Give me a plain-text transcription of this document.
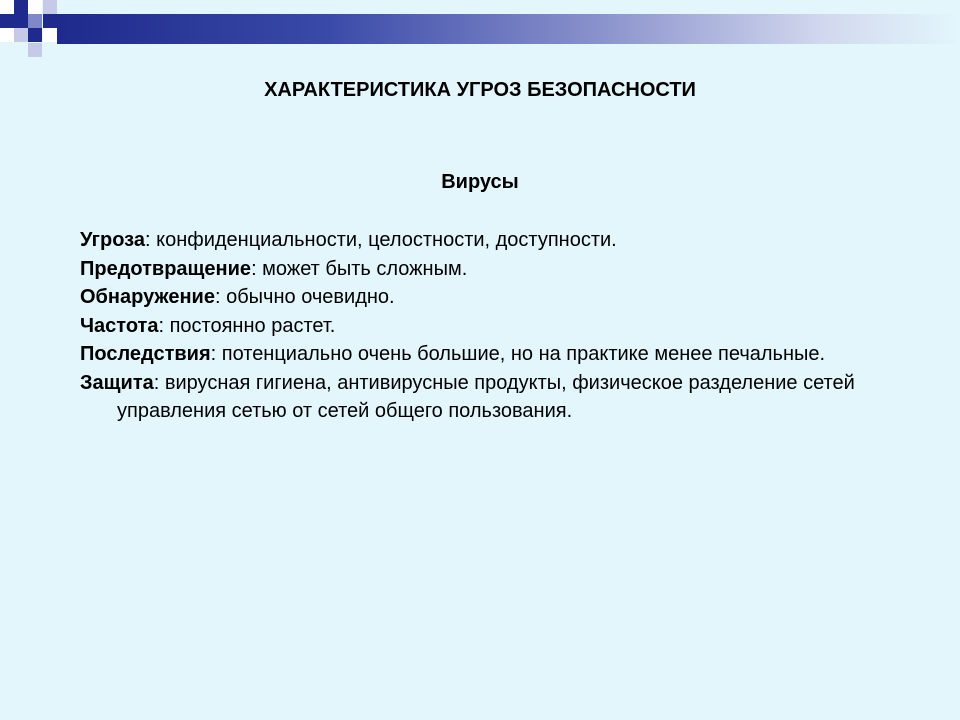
ХАРАКТЕРИСТИКА УГРОЗ БЕЗОПАСНОСТИ
Вирусы
Угроза: конфиденциальности, целостности, доступности.
Предотвращение: может быть сложным.
Обнаружение: обычно очевидно.
Частота: постоянно растет.
Последствия: потенциально очень большие, но на практике менее печальные.
Защита: вирусная гигиена, антивирусные продукты, физическое разделение сетей управления сетью от сетей общего пользования.
